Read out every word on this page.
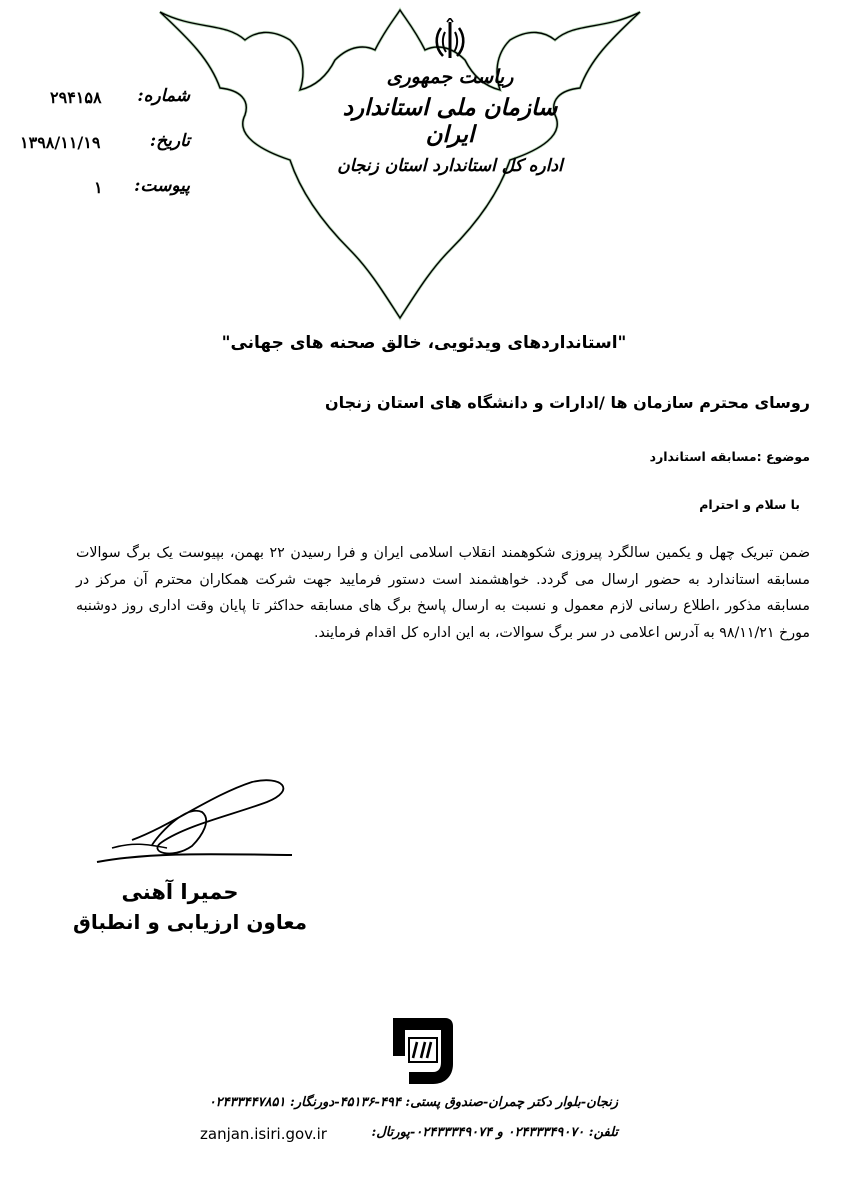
ریاست جمهوری
سازمان ملی استاندارد ایران
اداره کل استاندارد استان زنجان
شماره:
۲۹۴۱۵۸
تاریخ:
۱۳۹۸/۱۱/۱۹
پیوست:
۱
"استانداردهای ویدئویی، خالق صحنه های جهانی"
روسای محترم سازمان ها /ادارات و دانشگاه های استان زنجان
موضوع :مسابقه استاندارد
با سلام و احترام
ضمن تبریک چهل و یکمین سالگرد پیروزی شکوهمند انقلاب اسلامی ایران و فرا رسیدن ۲۲ بهمن، بپیوست یک برگ سوالات مسابقه استاندارد به حضور ارسال می گردد. خواهشمند است دستور فرمایید جهت شرکت همکاران محترم آن مرکز در مسابقه مذکور ،اطلاع رسانی لازم معمول و نسبت به ارسال پاسخ برگ های مسابقه حداکثر تا پایان وقت اداری روز دوشنبه مورخ ۹۸/۱۱/۲۱ به آدرس اعلامی در سر برگ سوالات، به این اداره کل اقدام فرمایند.
حمیرا آهنی
معاون ارزیابی و انطباق
زنجان-بلوار دکتر چمران-صندوق پستی: ۴۹۴-۴۵۱۳۶-دورنگار: ۰۲۴۳۳۴۴۷۸۵۱
تلفن: ۰۲۴۳۳۳۴۹۰۷۰ و ۰۲۴۳۳۳۴۹۰۷۴-پورتال:
zanjan.isiri.gov.ir
